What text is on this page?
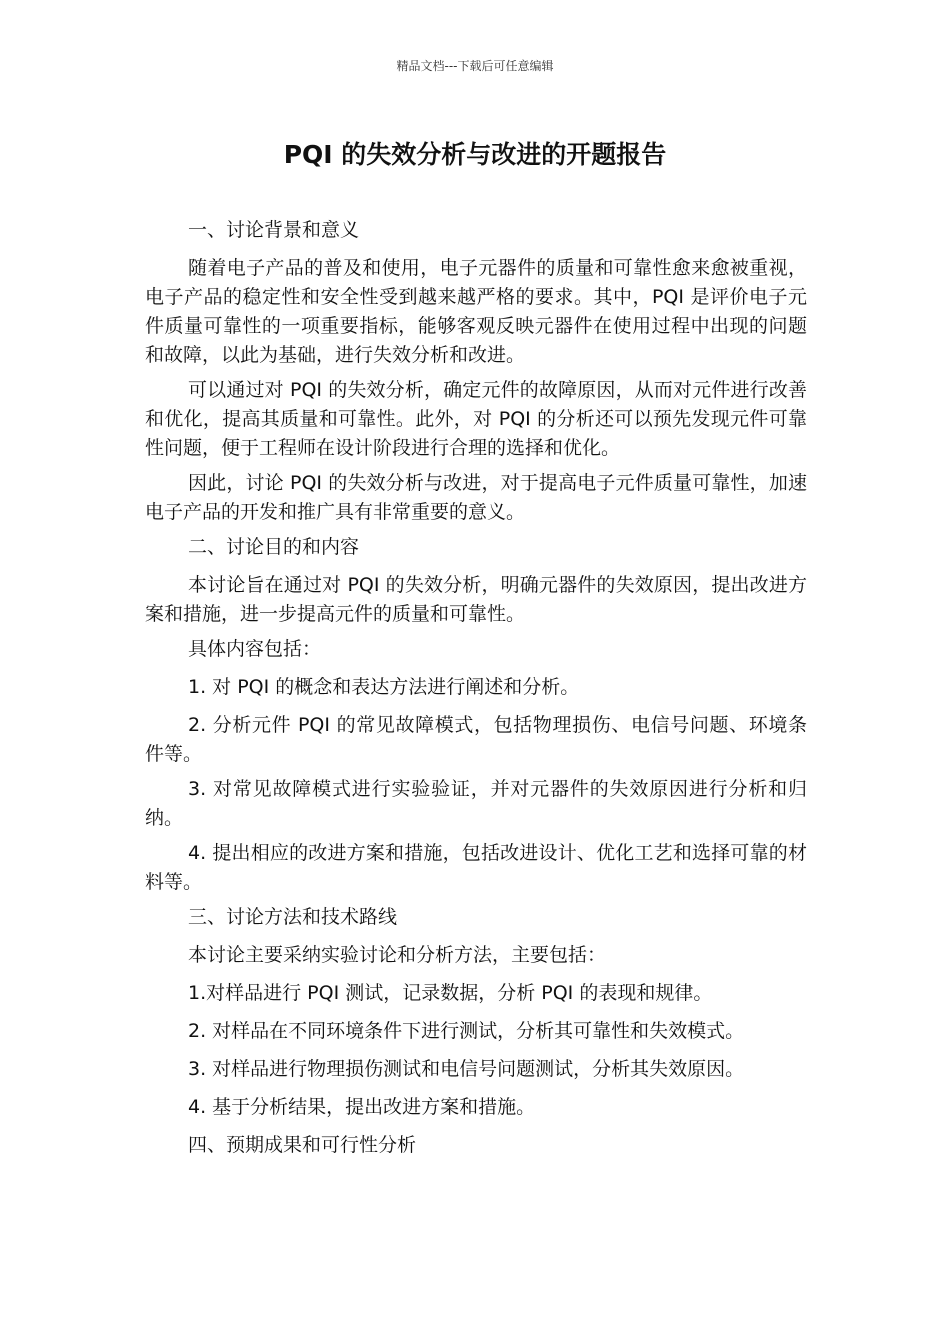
精品文档---下载后可任意编辑
PQI 的失效分析与改进的开题报告

一、讨论背景和意义

随着电子产品的普及和使用，电子元器件的质量和可靠性愈来愈被重视，电子产品的稳定性和安全性受到越来越严格的要求。其中，PQI 是评价电子元件质量可靠性的一项重要指标，能够客观反映元器件在使用过程中出现的问题和故障，以此为基础，进行失效分析和改进。

可以通过对 PQI 的失效分析，确定元件的故障原因，从而对元件进行改善和优化，提高其质量和可靠性。此外，对 PQI 的分析还可以预先发现元件可靠性问题，便于工程师在设计阶段进行合理的选择和优化。

因此，讨论 PQI 的失效分析与改进，对于提高电子元件质量可靠性，加速电子产品的开发和推广具有非常重要的意义。

二、讨论目的和内容

本讨论旨在通过对 PQI 的失效分析，明确元器件的失效原因，提出改进方案和措施，进一步提高元件的质量和可靠性。

具体内容包括：

1. 对 PQI 的概念和表达方法进行阐述和分析。

2. 分析元件 PQI 的常见故障模式，包括物理损伤、电信号问题、环境条件等。

3. 对常见故障模式进行实验验证，并对元器件的失效原因进行分析和归纳。

4. 提出相应的改进方案和措施，包括改进设计、优化工艺和选择可靠的材料等。

三、讨论方法和技术路线

本讨论主要采纳实验讨论和分析方法，主要包括：

1.对样品进行 PQI 测试，记录数据，分析 PQI 的表现和规律。

2. 对样品在不同环境条件下进行测试，分析其可靠性和失效模式。

3. 对样品进行物理损伤测试和电信号问题测试，分析其失效原因。

4. 基于分析结果，提出改进方案和措施。

四、预期成果和可行性分析
